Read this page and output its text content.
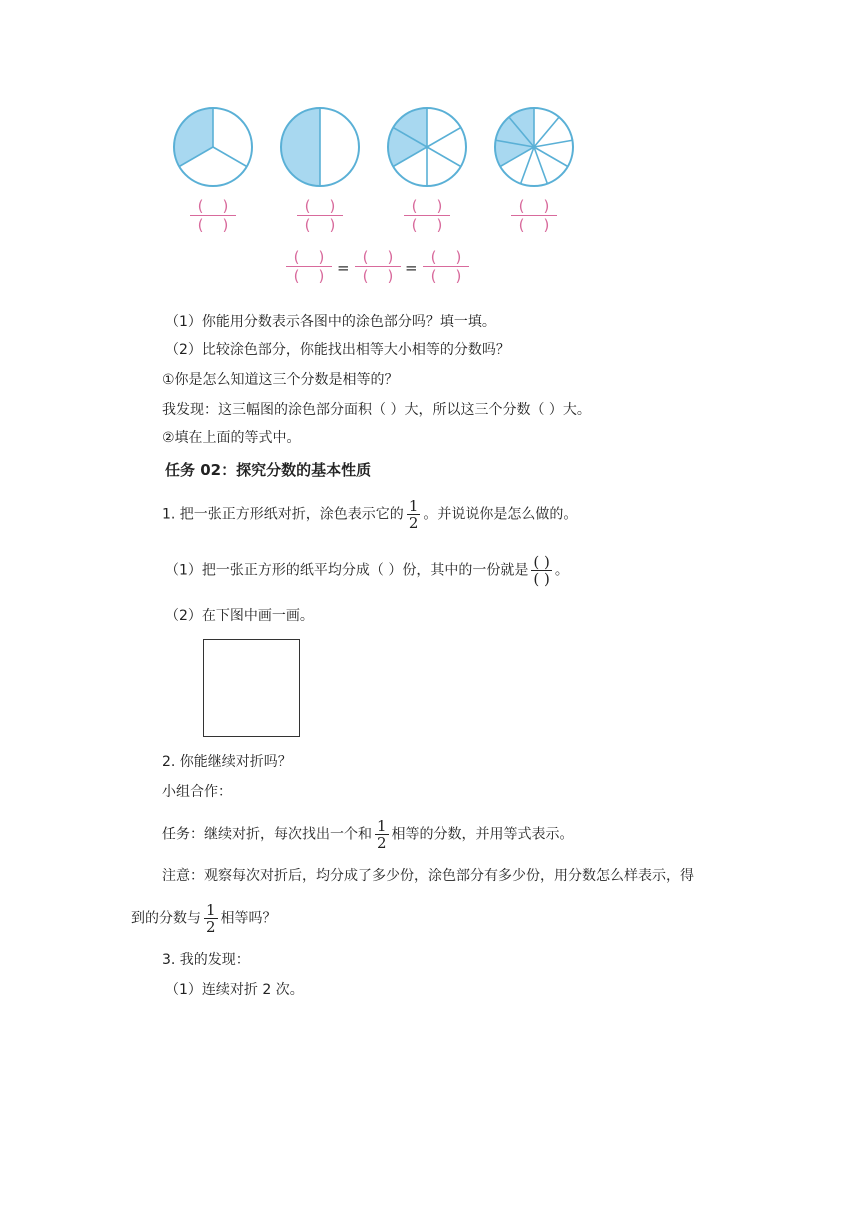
(    )
(    )
(    )
(    )
(    )
(    )
(    )
(    )
(    )
(    )
(    )
(    )
(    )
(    )
=	=
（1）你能用分数表示各图中的涂色部分吗？填一填。
（2）比较涂色部分，你能找出相等大小相等的分数吗？
①你是怎么知道这三个分数是相等的？
我发现：这三幅图的涂色部分面积（ ）大，所以这三个分数（ ）大。
②填在上面的等式中。
任务 02：探究分数的基本性质
1. 把一张正方形纸对折，涂色表示它的 $\frac{1}{2}$ 。并说说你是怎么做的。
（1）把一张正方形的纸平均分成（ ）份，其中的一份就是 $\frac{( )}{( )}$ 。
（2）在下图中画一画。
2. 你能继续对折吗？
小组合作：
任务：继续对折，每次找出一个和 $\frac{1}{2}$ 相等的分数，并用等式表示。
注意：观察每次对折后，均分成了多少份，涂色部分有多少份，用分数怎么样表示，得
到的分数与 $\frac{1}{2}$ 相等吗？
3. 我的发现：
（1）连续对折 2 次。
